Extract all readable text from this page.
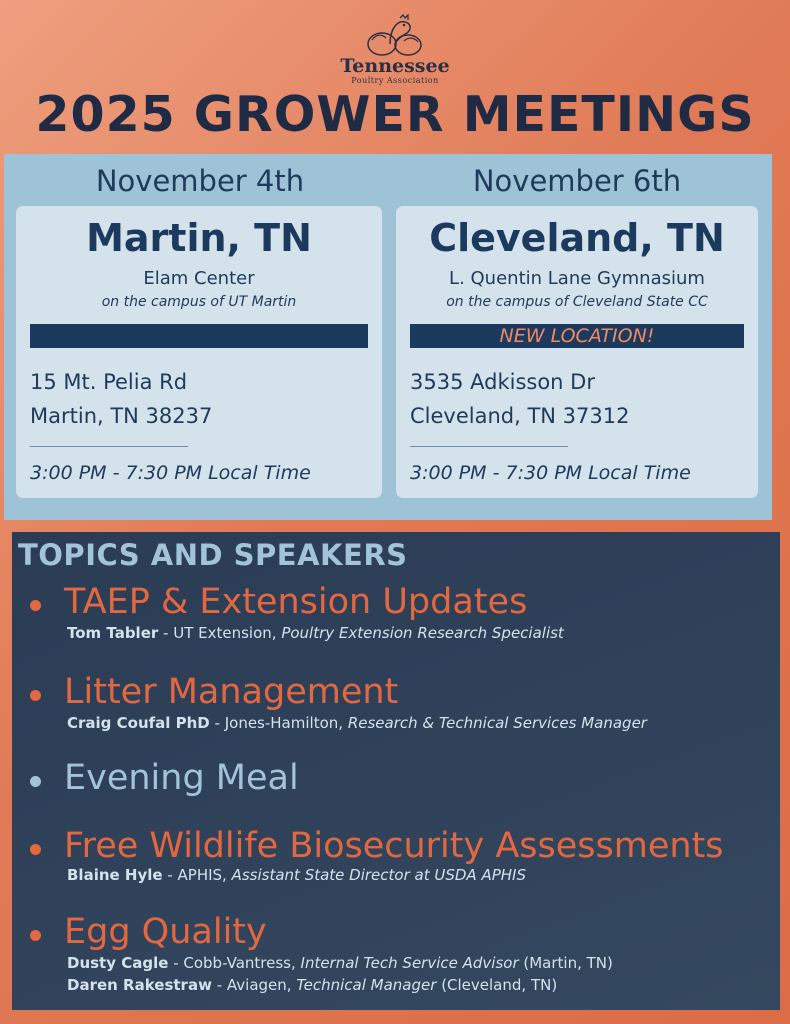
Tennessee
Poultry Association
2025 GROWER MEETINGS
November 4th	November 6th
Martin, TN
Elam Center
on the campus of UT Martin
15 Mt. Pelia Rd
Martin, TN 38237
3:00 PM - 7:30 PM Local Time
Cleveland, TN
L. Quentin Lane Gymnasium
on the campus of Cleveland State CC
NEW LOCATION!
3535 Adkisson Dr
Cleveland, TN 37312
3:00 PM - 7:30 PM Local Time
TOPICS AND SPEAKERS
TAEP & Extension Updates
Tom Tabler - UT Extension, Poultry Extension Research Specialist
Litter Management
Craig Coufal PhD - Jones-Hamilton, Research & Technical Services Manager
Evening Meal
Free Wildlife Biosecurity Assessments
Blaine Hyle - APHIS, Assistant State Director at USDA APHIS
Egg Quality
Dusty Cagle - Cobb-Vantress, Internal Tech Service Advisor (Martin, TN)
Daren Rakestraw - Aviagen, Technical Manager (Cleveland, TN)
